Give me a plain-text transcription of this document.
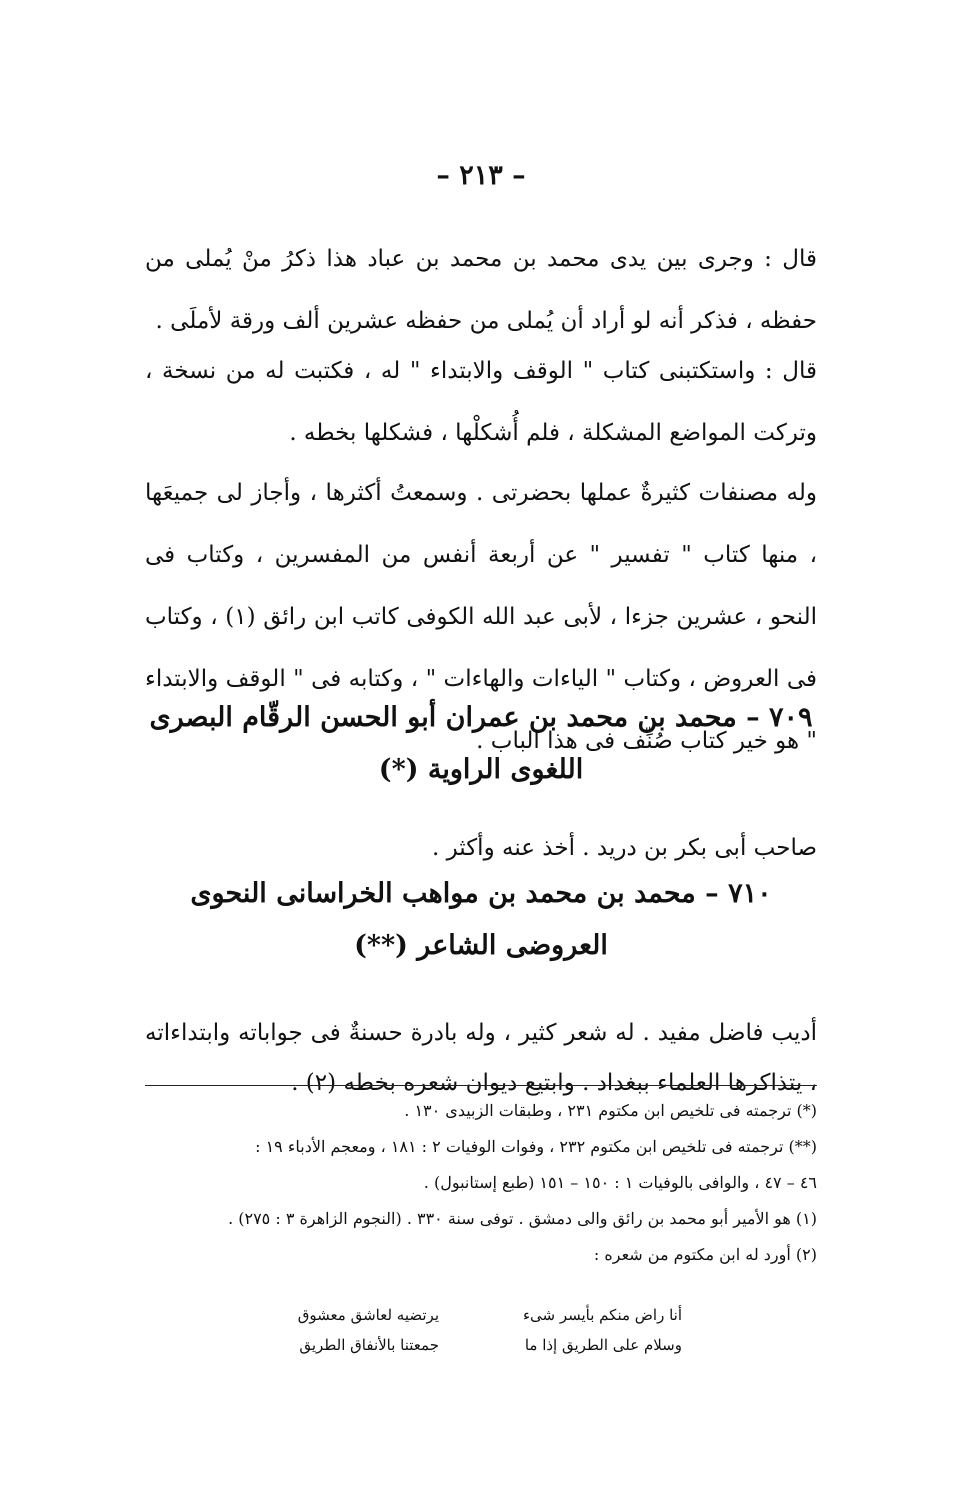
– ٢١٣ –

قال : وجرى بين يدى محمد بن محمد بن عباد هذا ذكرُ منْ يُملى من حفظه ، فذكر أنه لو أراد أن يُملى من حفظه عشرين ألف ورقة لأملَى .

قال : واستكتبنى كتاب " الوقف والابتداء " له ، فكتبت له من نسخة ، وتركت المواضع المشكلة ، فلم أُشكلْها ، فشكلها بخطه .

وله مصنفات كثيرةٌ عملها بحضرتى . وسمعتُ أكثرها ، وأجاز لى جميعَها ، منها كتاب " تفسير " عن أربعة أنفس من المفسرين ، وكتاب فى النحو ، عشرين جزءا ، لأبى عبد الله الكوفى كاتب ابن رائق (١) ، وكتاب فى العروض ، وكتاب " الياءات والهاءات " ، وكتابه فى " الوقف والابتداء " هو خير كتاب صُنِّف فى هذا الباب .

٧٠٩ – محمد بن محمد بن عمران أبو الحسن الرقّام البصرى
اللغوى الراوية (*)

صاحب أبى بكر بن دريد . أخذ عنه وأكثر .

٧١٠ – محمد بن محمد بن مواهب الخراسانى النحوى
العروضى الشاعر (**)

أديب فاضل مفيد . له شعر كثير ، وله بادرة حسنةٌ فى جواباته وابتداءاته ، يتذاكرها العلماء ببغداد . وابتيع ديوان شعره بخطه (٢) .

(*) ترجمته فى تلخيص ابن مكتوم ٢٣١ ، وطبقات الزبيدى ١٣٠ .
(**) ترجمته فى تلخيص ابن مكتوم ٢٣٢ ، وفوات الوفيات ٢ : ١٨١ ، ومعجم الأدباء ١٩ :
٤٦ – ٤٧ ، والوافى بالوفيات ١ : ١٥٠ – ١٥١ (طبع إستانبول) .
(١) هو الأمير أبو محمد بن رائق والى دمشق . توفى سنة ٣٣٠ . (النجوم الزاهرة ٣ : ٢٧٥) .
(٢) أورد له ابن مكتوم من شعره :
أنا راض منكم بأيسر شىء
يرتضيه لعاشق معشوق
وسلام على الطريق إذا ما
جمعتنا بالأنفاق الطريق
